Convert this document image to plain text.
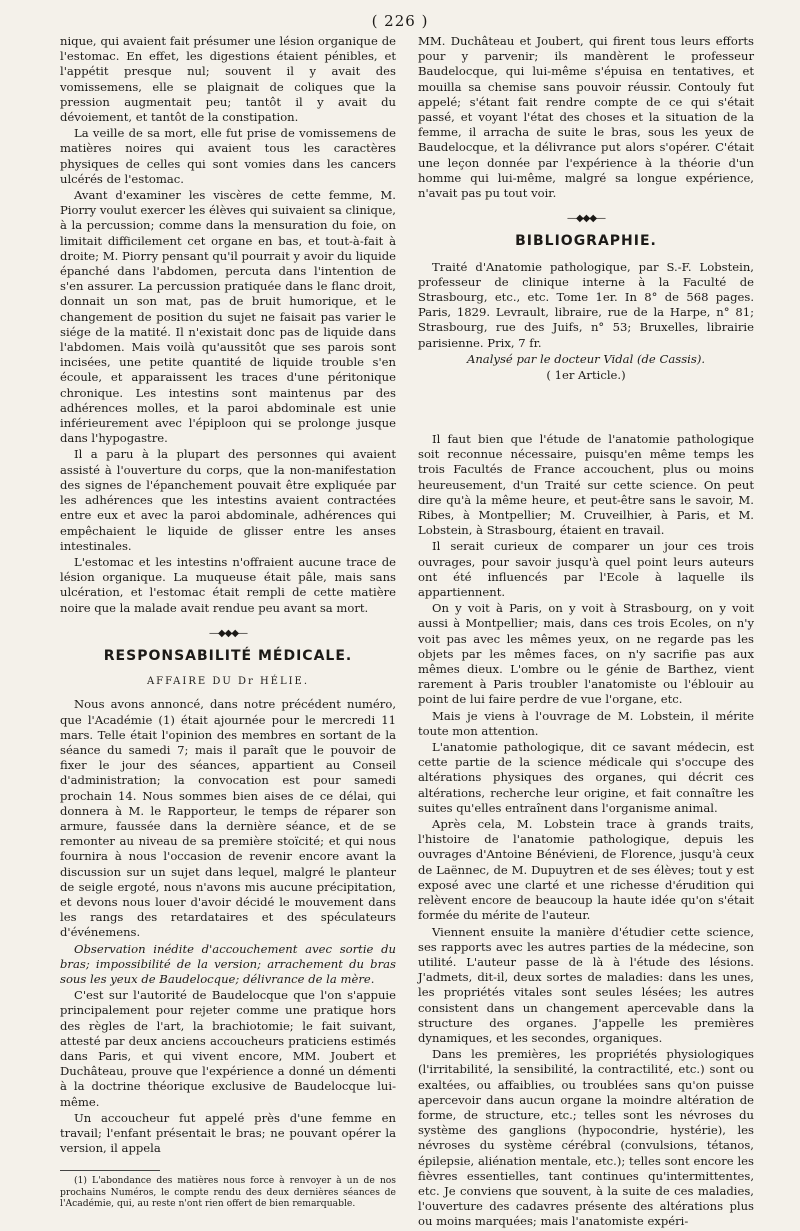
( 226 )

nique, qui avaient fait présumer une lésion organique de l'estomac. En effet, les digestions étaient pénibles, et l'appétit presque nul; souvent il y avait des vomissemens, elle se plaignait de coliques que la pression augmentait peu; tantôt il y avait du dévoiement, et tantôt de la constipation.

La veille de sa mort, elle fut prise de vomissemens de matières noires qui avaient tous les caractères physiques de celles qui sont vomies dans les cancers ulcérés de l'estomac.

Avant d'examiner les viscères de cette femme, M. Piorry voulut exercer les élèves qui suivaient sa clinique, à la percussion; comme dans la mensuration du foie, on limitait difficilement cet organe en bas, et tout-à-fait à droite; M. Piorry pensant qu'il pourrait y avoir du liquide épanché dans l'abdomen, percuta dans l'intention de s'en assurer. La percussion pratiquée dans le flanc droit, donnait un son mat, pas de bruit humorique, et le changement de position du sujet ne faisait pas varier le siége de la matité. Il n'existait donc pas de liquide dans l'abdomen. Mais voilà qu'aussitôt que ses parois sont incisées, une petite quantité de liquide trouble s'en écoule, et apparaissent les traces d'une péritonique chronique. Les intestins sont maintenus par des adhérences molles, et la paroi abdominale est unie inférieurement avec l'épiploon qui se prolonge jusque dans l'hypogastre.

Il a paru à la plupart des personnes qui avaient assisté à l'ouverture du corps, que la non-manifestation des signes de l'épanchement pouvait être expliquée par les adhérences que les intestins avaient contractées entre eux et avec la paroi abdominale, adhérences qui empêchaient le liquide de glisser entre les anses intestinales.

L'estomac et les intestins n'offraient aucune trace de lésion organique. La muqueuse était pâle, mais sans ulcération, et l'estomac était rempli de cette matière noire que la malade avait rendue peu avant sa mort.

—◆◆◆—
RESPONSABILITÉ MÉDICALE.
AFFAIRE DU Dr HÉLIE.

Nous avons annoncé, dans notre précédent numéro, que l'Académie (1) était ajournée pour le mercredi 11 mars. Telle était l'opinion des membres en sortant de la séance du samedi 7; mais il paraît que le pouvoir de fixer le jour des séances, appartient au Conseil d'administration; la convocation est pour samedi prochain 14. Nous sommes bien aises de ce délai, qui donnera à M. le Rapporteur, le temps de réparer son armure, faussée dans la dernière séance, et de se remonter au niveau de sa première stoïcité; et qui nous fournira à nous l'occasion de revenir encore avant la discussion sur un sujet dans lequel, malgré le planteur de seigle ergoté, nous n'avons mis aucune précipitation, et devons nous louer d'avoir décidé le mouvement dans les rangs des retardataires et des spéculateurs d'événemens.

Observation inédite d'accouchement avec sortie du bras; impossibilité de la version; arrachement du bras sous les yeux de Baudelocque; délivrance de la mère.

C'est sur l'autorité de Baudelocque que l'on s'appuie principalement pour rejeter comme une pratique hors des règles de l'art, la brachiotomie; le fait suivant, attesté par deux anciens accoucheurs praticiens estimés dans Paris, et qui vivent encore, MM. Joubert et Duchâteau, prouve que l'expérience a donné un démenti à la doctrine théorique exclusive de Baudelocque lui-même.

Un accoucheur fut appelé près d'une femme en travail; l'enfant présentait le bras; ne pouvant opérer la version, il appela

(1) L'abondance des matières nous force à renvoyer à un de nos prochains Numéros, le compte rendu des deux dernières séances de l'Académie, qui, au reste n'ont rien offert de bien remarquable.

MM. Duchâteau et Joubert, qui firent tous leurs efforts pour y parvenir; ils mandèrent le professeur Baudelocque, qui lui-même s'épuisa en tentatives, et mouilla sa chemise sans pouvoir réussir. Contouly fut appelé; s'étant fait rendre compte de ce qui s'était passé, et voyant l'état des choses et la situation de la femme, il arracha de suite le bras, sous les yeux de Baudelocque, et la délivrance put alors s'opérer. C'était une leçon donnée par l'expérience à la théorie d'un homme qui lui-même, malgré sa longue expérience, n'avait pas pu tout voir.

—◆◆◆—
BIBLIOGRAPHIE.

Traité d'Anatomie pathologique, par S.-F. Lobstein, professeur de clinique interne à la Faculté de Strasbourg, etc., etc. Tome 1er. In 8° de 568 pages. Paris, 1829. Levrault, libraire, rue de la Harpe, n° 81; Strasbourg, rue des Juifs, n° 53; Bruxelles, librairie parisienne. Prix, 7 fr.

Analysé par le docteur Vidal (de Cassis).

( 1er Article.)

Il faut bien que l'étude de l'anatomie pathologique soit reconnue nécessaire, puisqu'en même temps les trois Facultés de France accouchent, plus ou moins heureusement, d'un Traité sur cette science. On peut dire qu'à la même heure, et peut-être sans le savoir, M. Ribes, à Montpellier; M. Cruveilhier, à Paris, et M. Lobstein, à Strasbourg, étaient en travail.

Il serait curieux de comparer un jour ces trois ouvrages, pour savoir jusqu'à quel point leurs auteurs ont été influencés par l'Ecole à laquelle ils appartiennent.

On y voit à Paris, on y voit à Strasbourg, on y voit aussi à Montpellier; mais, dans ces trois Ecoles, on n'y voit pas avec les mêmes yeux, on ne regarde pas les objets par les mêmes faces, on n'y sacrifie pas aux mêmes dieux. L'ombre ou le génie de Barthez, vient rarement à Paris troubler l'anatomiste ou l'éblouir au point de lui faire perdre de vue l'organe, etc.

Mais je viens à l'ouvrage de M. Lobstein, il mérite toute mon attention.

L'anatomie pathologique, dit ce savant médecin, est cette partie de la science médicale qui s'occupe des altérations physiques des organes, qui décrit ces altérations, recherche leur origine, et fait connaître les suites qu'elles entraînent dans l'organisme animal.

Après cela, M. Lobstein trace à grands traits, l'histoire de l'anatomie pathologique, depuis les ouvrages d'Antoine Bénévieni, de Florence, jusqu'à ceux de Laënnec, de M. Dupuytren et de ses élèves; tout y est exposé avec une clarté et une richesse d'érudition qui relèvent encore de beaucoup la haute idée qu'on s'était formée du mérite de l'auteur.

Viennent ensuite la manière d'étudier cette science, ses rapports avec les autres parties de la médecine, son utilité. L'auteur passe de là à l'étude des lésions. J'admets, dit-il, deux sortes de maladies: dans les unes, les propriétés vitales sont seules lésées; les autres consistent dans un changement apercevable dans la structure des organes. J'appelle les premières dynamiques, et les secondes, organiques.

Dans les premières, les propriétés physiologiques (l'irritabilité, la sensibilité, la contractilité, etc.) sont ou exaltées, ou affaiblies, ou troublées sans qu'on puisse apercevoir dans aucun organe la moindre altération de forme, de structure, etc.; telles sont les névroses du système des ganglions (hypocondrie, hystérie), les névroses du système cérébral (convulsions, tétanos, épilepsie, aliénation mentale, etc.); telles sont encore les fièvres essentielles, tant continues qu'intermittentes, etc. Je conviens que souvent, à la suite de ces maladies, l'ouverture des cadavres présente des altérations plus ou moins marquées; mais l'anatomiste expéri-
